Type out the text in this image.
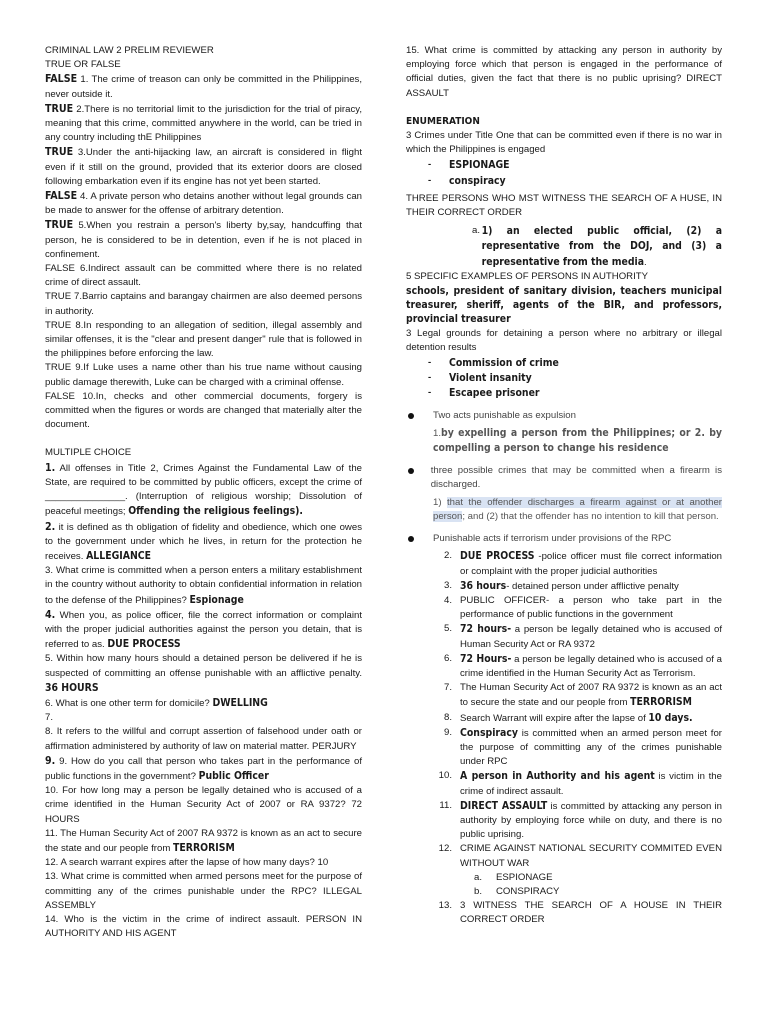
CRIMINAL LAW 2 PRELIM REVIEWER

TRUE OR FALSE

FALSE 1. The crime of treason can only be committed in the Philippines, never outside it.

TRUE 2.There is no territorial limit to the jurisdiction for the trial of piracy, meaning that this crime, committed anywhere in the world, can be tried in any country including thE Philippines

TRUE 3.Under the anti-hijacking law, an aircraft is considered in flight even if it still on the ground, provided that its exterior doors are closed following embarkation even if its engine has not yet been started.

FALSE 4. A private person who detains another without legal grounds can be made to answer for the offense of arbitrary detention.

TRUE 5.When you restrain a person's liberty by,say, handcuffing that person, he is considered to be in detention, even if he is not placed in confinement.

FALSE 6.Indirect assault can be committed where there is no related crime of direct assault.

TRUE 7.Barrio captains and barangay chairmen are also deemed persons in authority.

TRUE 8.In responding to an allegation of sedition, illegal assembly and similar offenses, it is the "clear and present danger" rule that is followed in the philippines before enforcing the law.

TRUE 9.If Luke uses a name other than his true name without causing public damage therewith, Luke can be charged with a criminal offense.

FALSE 10.In, checks and other commercial documents, forgery is committed when the figures or words are changed that materially alter the document.

MULTIPLE CHOICE

1. All offenses in Title 2, Crimes Against the Fundamental Law of the State, are required to be committed by public officers, except the crime of _______________. (Interruption of religious worship; Dissolution of peaceful meetings; Offending the religious feelings).

2. it is defined as th obligation of fidelity and obedience, which one owes to the government under which he lives, in return for the protection he receives. ALLEGIANCE

3. What crime is committed when a person enters a military establishment in the country without authority to obtain confidential information in relation to the defense of the Philippines? Espionage

4. When you, as police officer, file the correct information or complaint with the proper judicial authorities against the person you detain, that is referred to as. DUE PROCESS

5. Within how many hours should a detained person be delivered if he is suspected of committing an offense punishable with an afflictive penalty. 36 HOURS

6. What is one other term for domicile? DWELLING

7.

8. It refers to the willful and corrupt assertion of falsehood under oath or affirmation administered by authority of law on material matter. PERJURY

9. 9. How do you call that person who takes part in the performance of public functions in the government? Public Officer

10. For how long may a person be legally detained who is accused of a crime identified in the Human Security Act of 2007 or RA 9372? 72 HOURS

11. The Human Security Act of 2007 RA 9372 is known as an act to secure the state and our people from TERRORISM

12. A search warrant expires after the lapse of how many days? 10

13. What crime is committed when armed persons meet for the purpose of committing any of the crimes punishable under the RPC? ILLEGAL ASSEMBLY

14. Who is the victim in the crime of indirect assault. PERSON IN AUTHORITY AND HIS AGENT

15. What crime is committed by attacking any person in authority by employing force which that person is engaged in the performance of official duties, given the fact that there is no public uprising? DIRECT ASSAULT

ENUMERATION

3 Crimes under Title One that can be committed even if there is no war in which the Philippines is engaged

-	ESPIONAGE
-	conspiracy

THREE PERSONS WHO MST WITNESS THE SEARCH OF A HUSE, IN THEIR CORRECT ORDER

a. 1) an elected public official, (2) a representative from the DOJ, and (3) a representative from the media.

5 SPECIFIC EXAMPLES OF PERSONS IN AUTHORITY

schools, president of sanitary division, teachers municipal treasurer, sheriff, agents of the BIR, and professors, provincial treasurer

3 Legal grounds for detaining a person where no arbitrary or illegal detention results

-	Commission of crime
-	Violent insanity
-	Escapee prisoner
Two acts punishable as expulsion

1.by expelling a person from the Philippines; or 2. by compelling a person to change his residence

three possible crimes that may be committed when a firearm is discharged.

1) that the offender discharges a firearm against or at another person; and (2) that the offender has no intention to kill that person.

Punishable acts if terrorism under provisions of the RPC
2. DUE PROCESS -police officer must file correct information or complaint with the proper judicial authorities
3. 36 hours- detained person under afflictive penalty
4. PUBLIC OFFICER- a person who take part in the performance of public functions in the government
5. 72 hours- a person be legally detained who is accused of Human Security Act or RA 9372
6. 72 Hours- a person be legally detained who is accused of a crime identified in the Human Security Act as Terrorism.
7. The Human Security Act of 2007 RA 9372 is known as an act to secure the state and our people from TERRORISM
8. Search Warrant will expire after the lapse of 10 days.
9. Conspiracy is committed when an armed person meet for the purpose of committing any of the crimes punishable under RPC
10. A person in Authority and his agent is victim in the crime of indirect assault.
11. DIRECT ASSAULT is committed by attacking any person in authority by employing force while on duty, and there is no public uprising.
12. CRIME AGAINST NATIONAL SECURITY COMMITED EVEN WITHOUT WAR
a.	ESPIONAGE
b.	CONSPIRACY
13. 3 WITNESS THE SEARCH OF A HOUSE IN THEIR CORRECT ORDER
